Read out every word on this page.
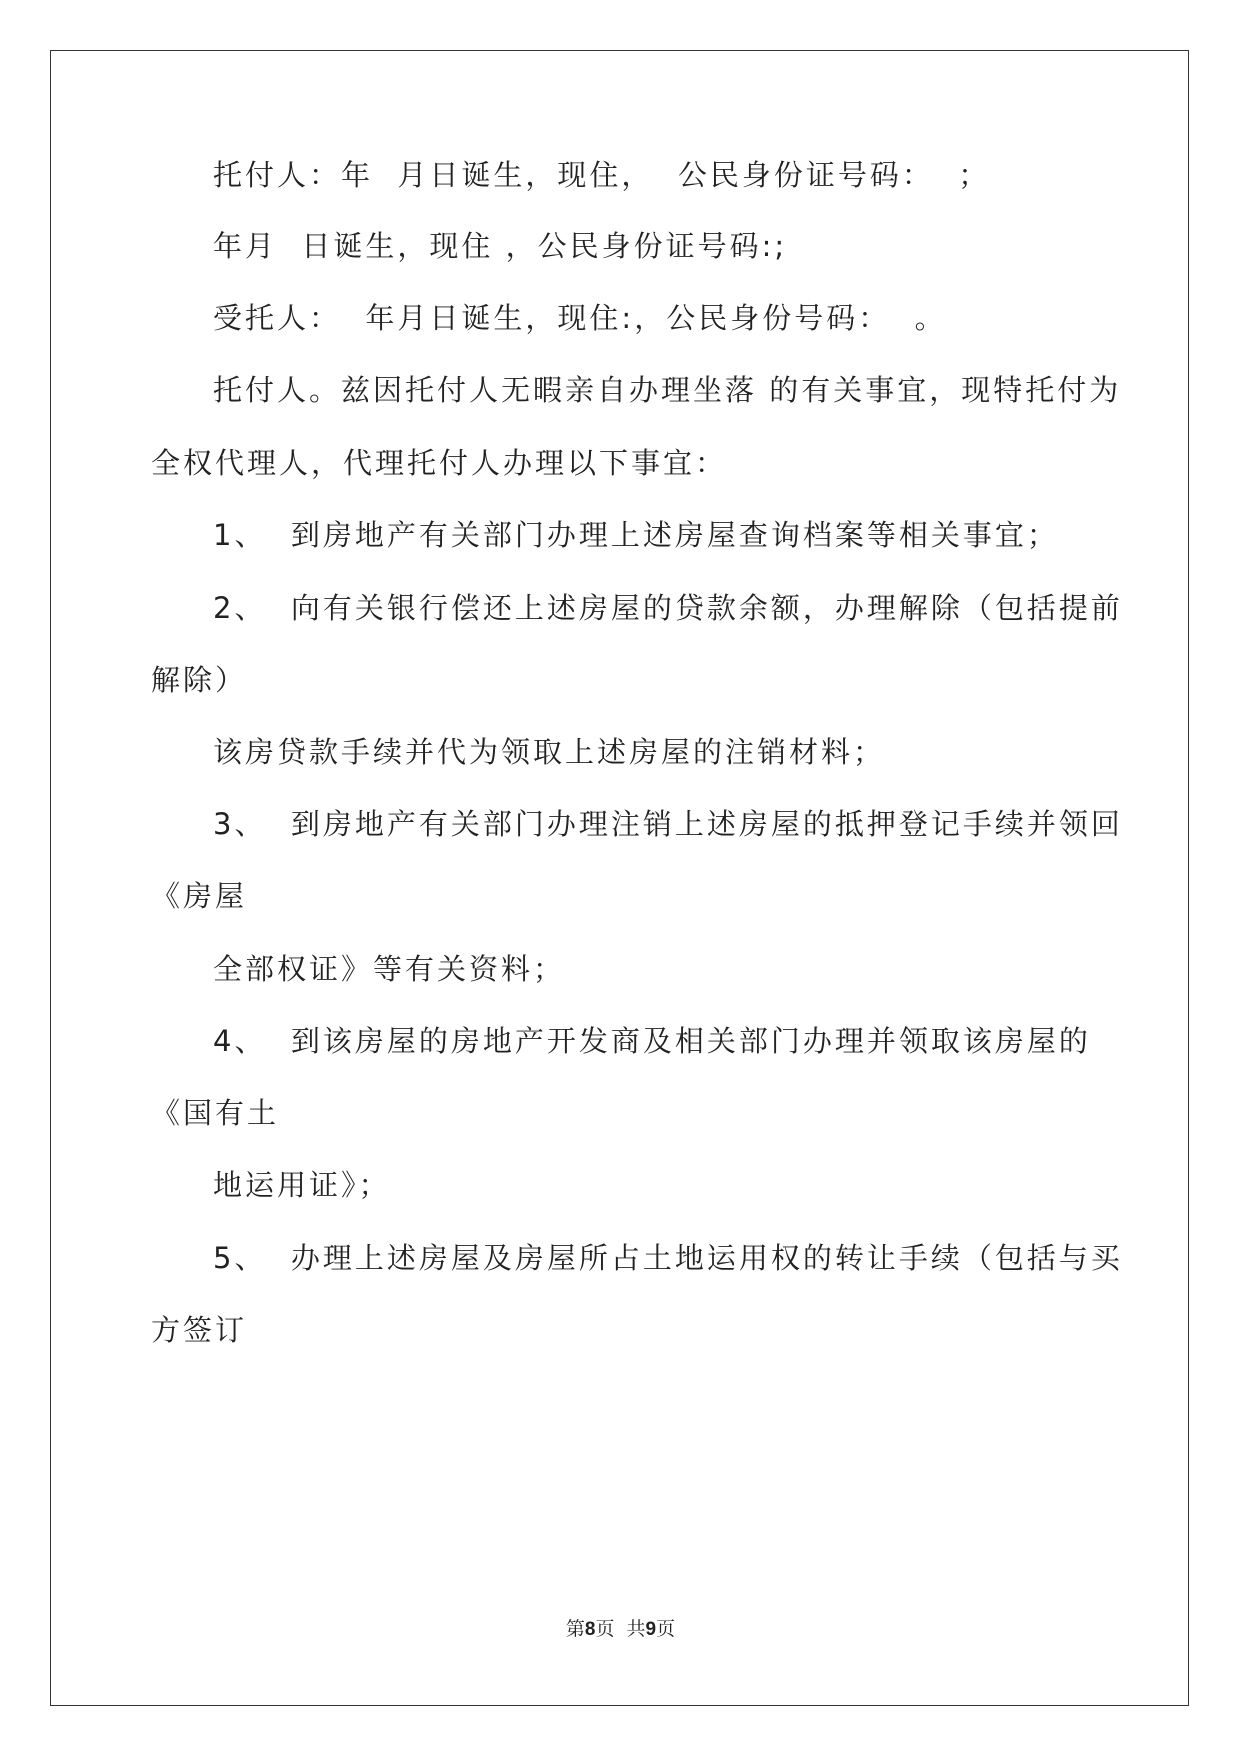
托付人：年  月日诞生，现住，  公民身份证号码：  ；

年月  日诞生，现住 ，公民身份证号码:;

受托人：  年月日诞生，现住:，公民身份号码：  。

托付人。兹因托付人无暇亲自办理坐落 的有关事宜，现特托付为

全权代理人，代理托付人办理以下事宜：

1、  到房地产有关部门办理上述房屋查询档案等相关事宜；

2、  向有关银行偿还上述房屋的贷款余额，办理解除（包括提前

解除）

该房贷款手续并代为领取上述房屋的注销材料；

3、  到房地产有关部门办理注销上述房屋的抵押登记手续并领回

《房屋

全部权证》等有关资料；

4、  到该房屋的房地产开发商及相关部门办理并领取该房屋的

《国有土

地运用证》；

5、  办理上述房屋及房屋所占土地运用权的转让手续（包括与买

方签订

第8页  共9页
